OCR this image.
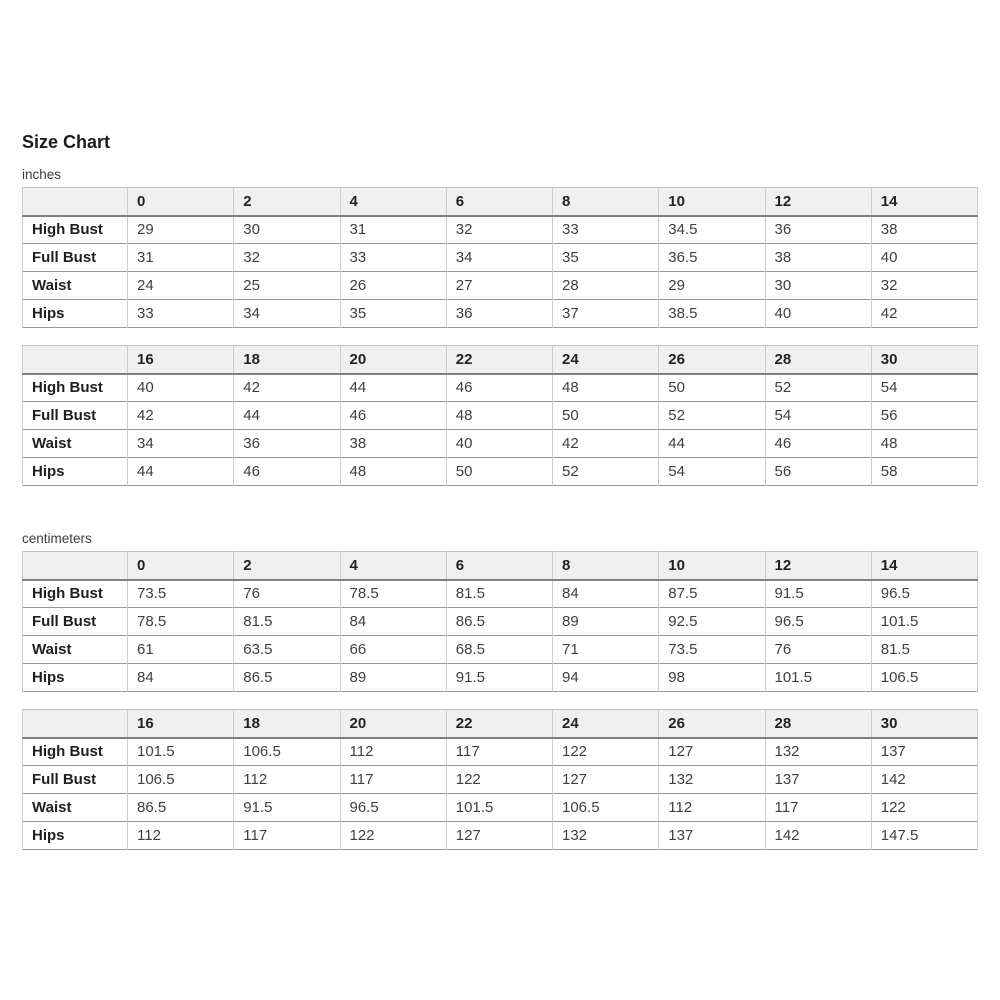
Size Chart
inches
	0	2	4	6	8	10	12	14
High Bust	29	30	31	32	33	34.5	36	38
Full Bust	31	32	33	34	35	36.5	38	40
Waist	24	25	26	27	28	29	30	32
Hips	33	34	35	36	37	38.5	40	42
	16	18	20	22	24	26	28	30
High Bust	40	42	44	46	48	50	52	54
Full Bust	42	44	46	48	50	52	54	56
Waist	34	36	38	40	42	44	46	48
Hips	44	46	48	50	52	54	56	58
centimeters
	0	2	4	6	8	10	12	14
High Bust	73.5	76	78.5	81.5	84	87.5	91.5	96.5
Full Bust	78.5	81.5	84	86.5	89	92.5	96.5	101.5
Waist	61	63.5	66	68.5	71	73.5	76	81.5
Hips	84	86.5	89	91.5	94	98	101.5	106.5
	16	18	20	22	24	26	28	30
High Bust	101.5	106.5	112	117	122	127	132	137
Full Bust	106.5	112	117	122	127	132	137	142
Waist	86.5	91.5	96.5	101.5	106.5	112	117	122
Hips	112	117	122	127	132	137	142	147.5
